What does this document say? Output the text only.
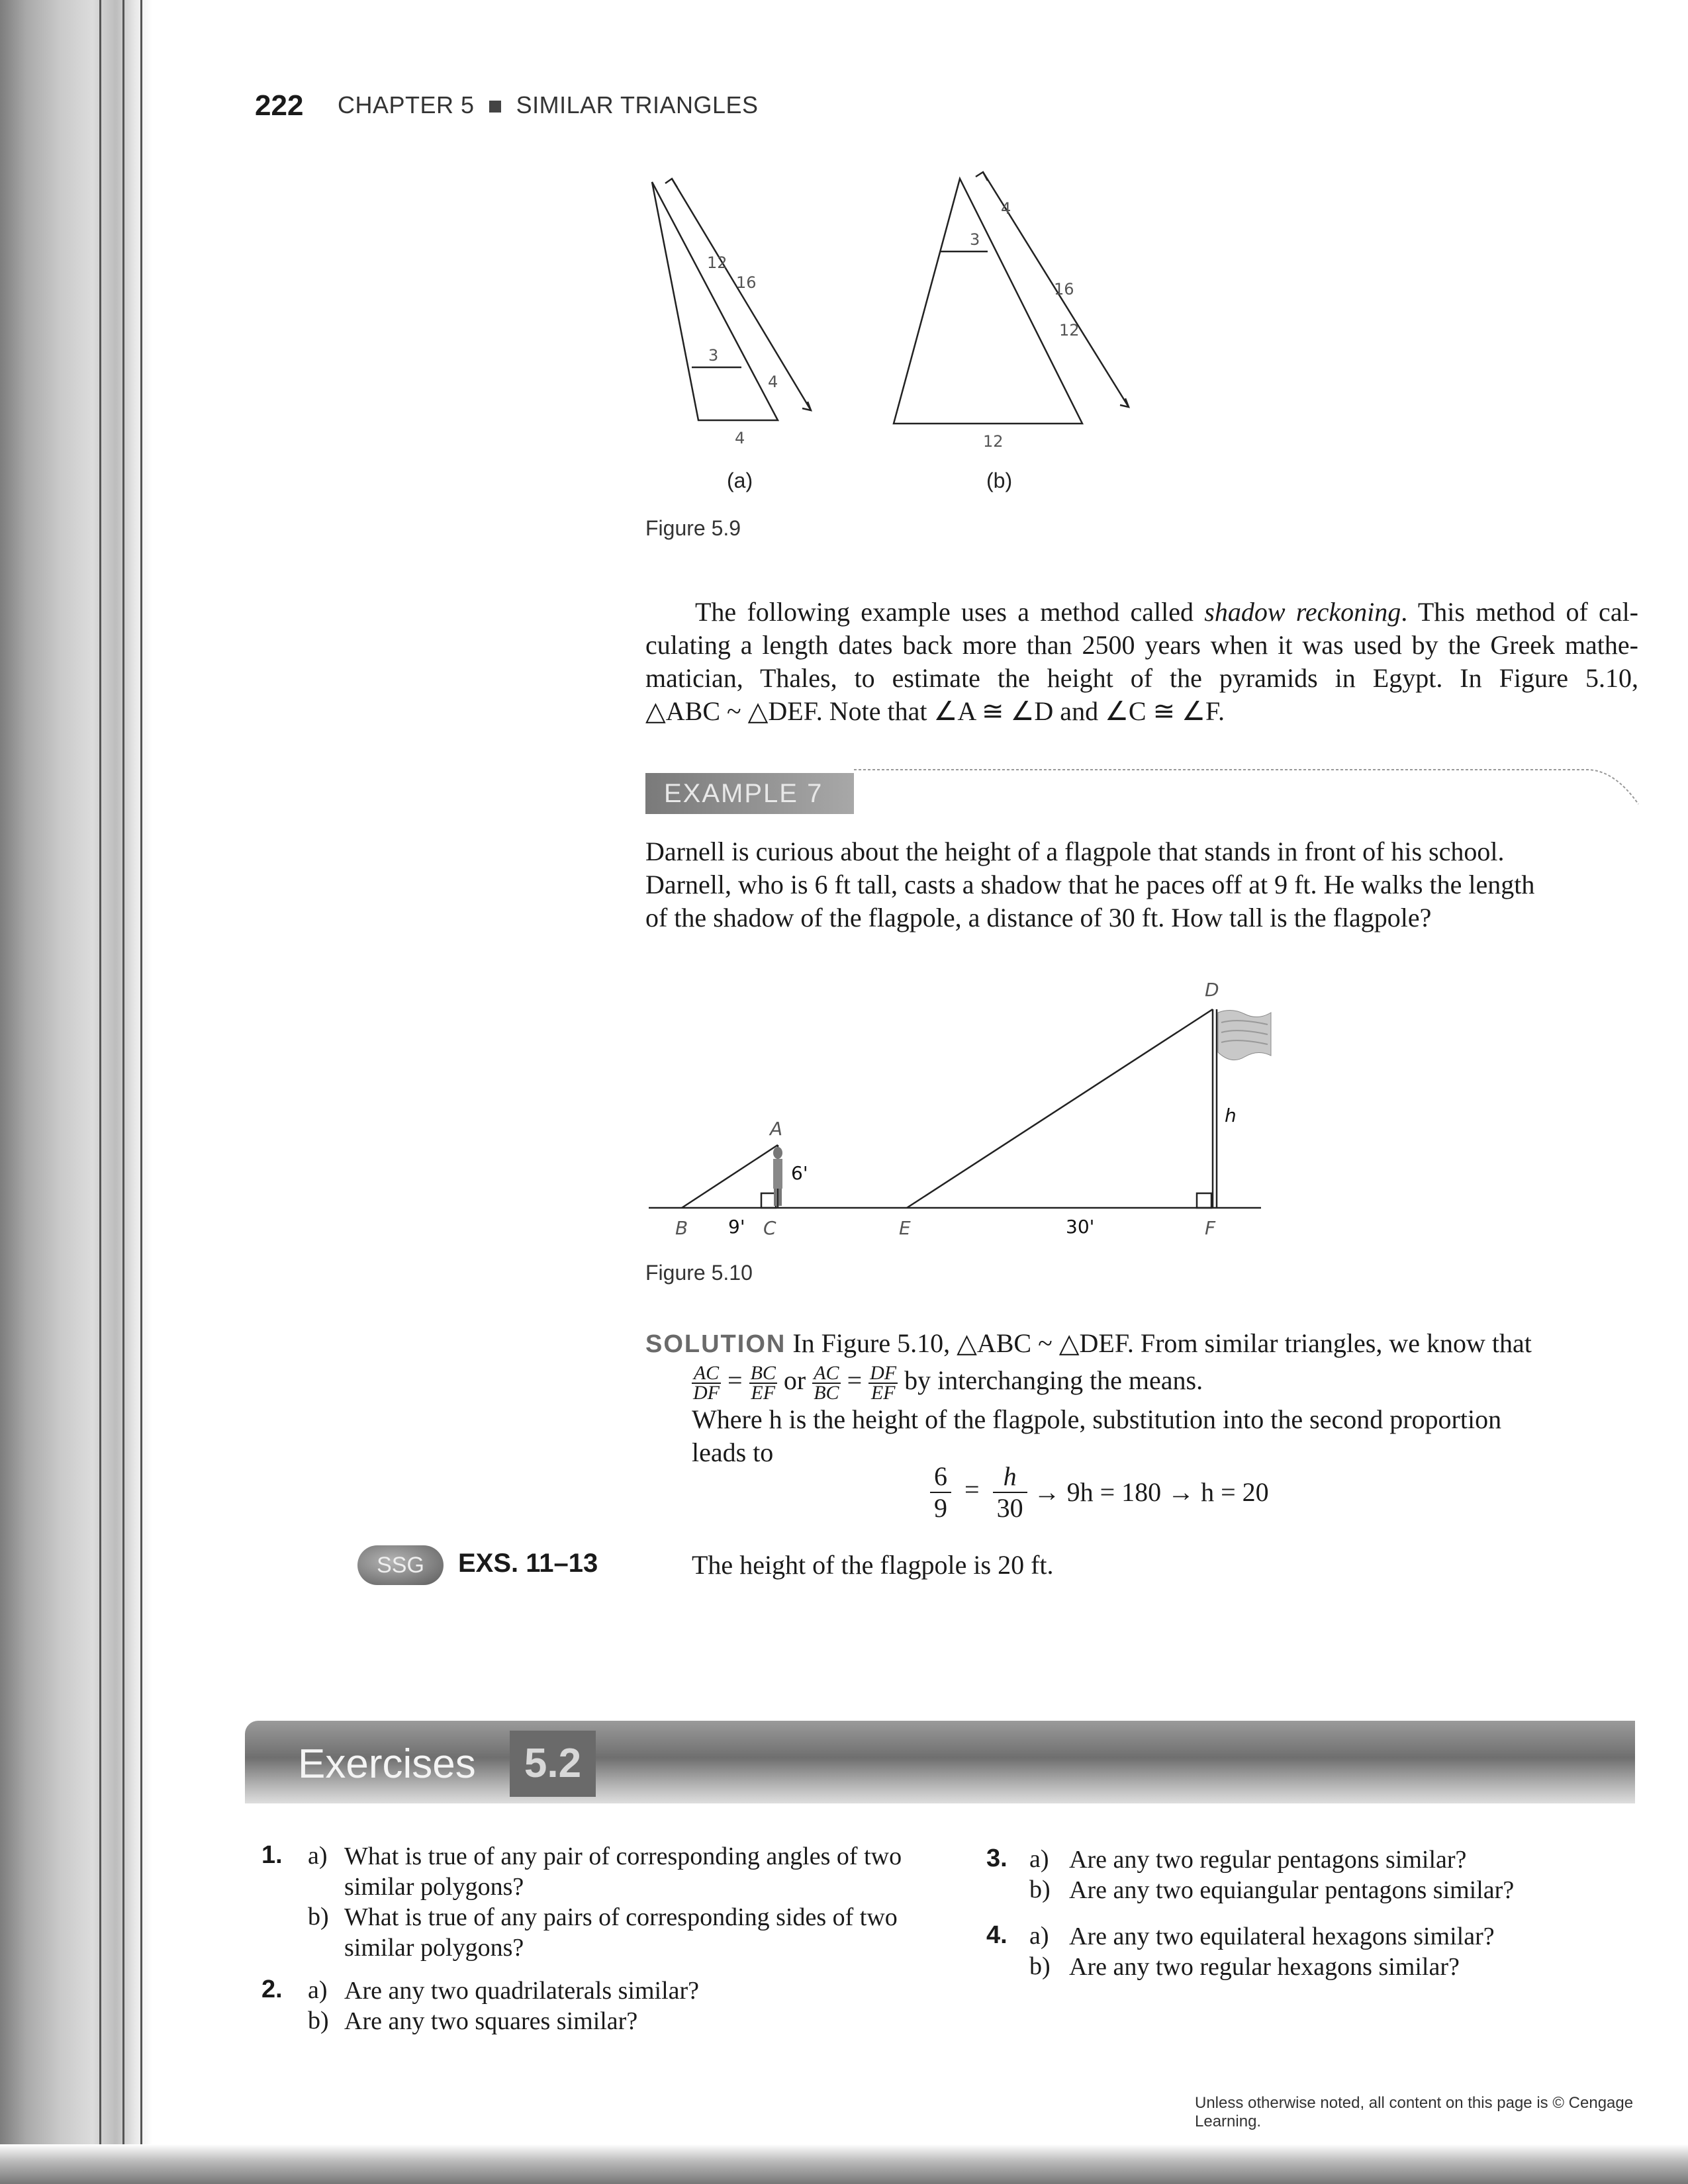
222 CHAPTER 5 SIMILAR TRIANGLES
12
16
3
4
4
3
4
16
12
12
(a)	(b)
Figure 5.9
The following example uses a method called shadow reckoning. This method of cal-
culating a length dates back more than 2500 years when it was used by the Greek mathe-
matician, Thales, to estimate the height of the pyramids in Egypt. In Figure 5.10,
△ABC ~ △DEF. Note that ∠A ≅ ∠D and ∠C ≅ ∠F.
EXAMPLE 7
Darnell is curious about the height of a flagpole that stands in front of his school.
Darnell, who is 6 ft tall, casts a shadow that he paces off at 9 ft. He walks the length
of the shadow of the flagpole, a distance of 30 ft. How tall is the flagpole?
A
B	C
D
E	F
h
6'
9'	30'
Figure 5.10
SOLUTION In Figure 5.10, △ABC ~ △DEF. From similar triangles, we know that
$\frac{AC}{DF} = \frac{BC}{EF}$ or $\frac{AC}{BC} = \frac{DF}{EF}$ by interchanging the means.
Where h is the height of the flagpole, substitution into the second proportion
leads to
$\frac{6}{9} = \frac{h}{30} \to 9h = 180 \to h = 20$
SSG	EXS. 11–13	The height of the flagpole is 20 ft.
5.2
Exercises
1. a) What is true of any pair of corresponding angles of two
similar polygons?
b) What is true of any pairs of corresponding sides of two
similar polygons?
2. a) Are any two quadrilaterals similar?
b) Are any two squares similar?
3. a) Are any two regular pentagons similar?
b) Are any two equiangular pentagons similar?
4. a) Are any two equilateral hexagons similar?
b) Are any two regular hexagons similar?
Unless otherwise noted, all content on this page is © Cengage Learning.
